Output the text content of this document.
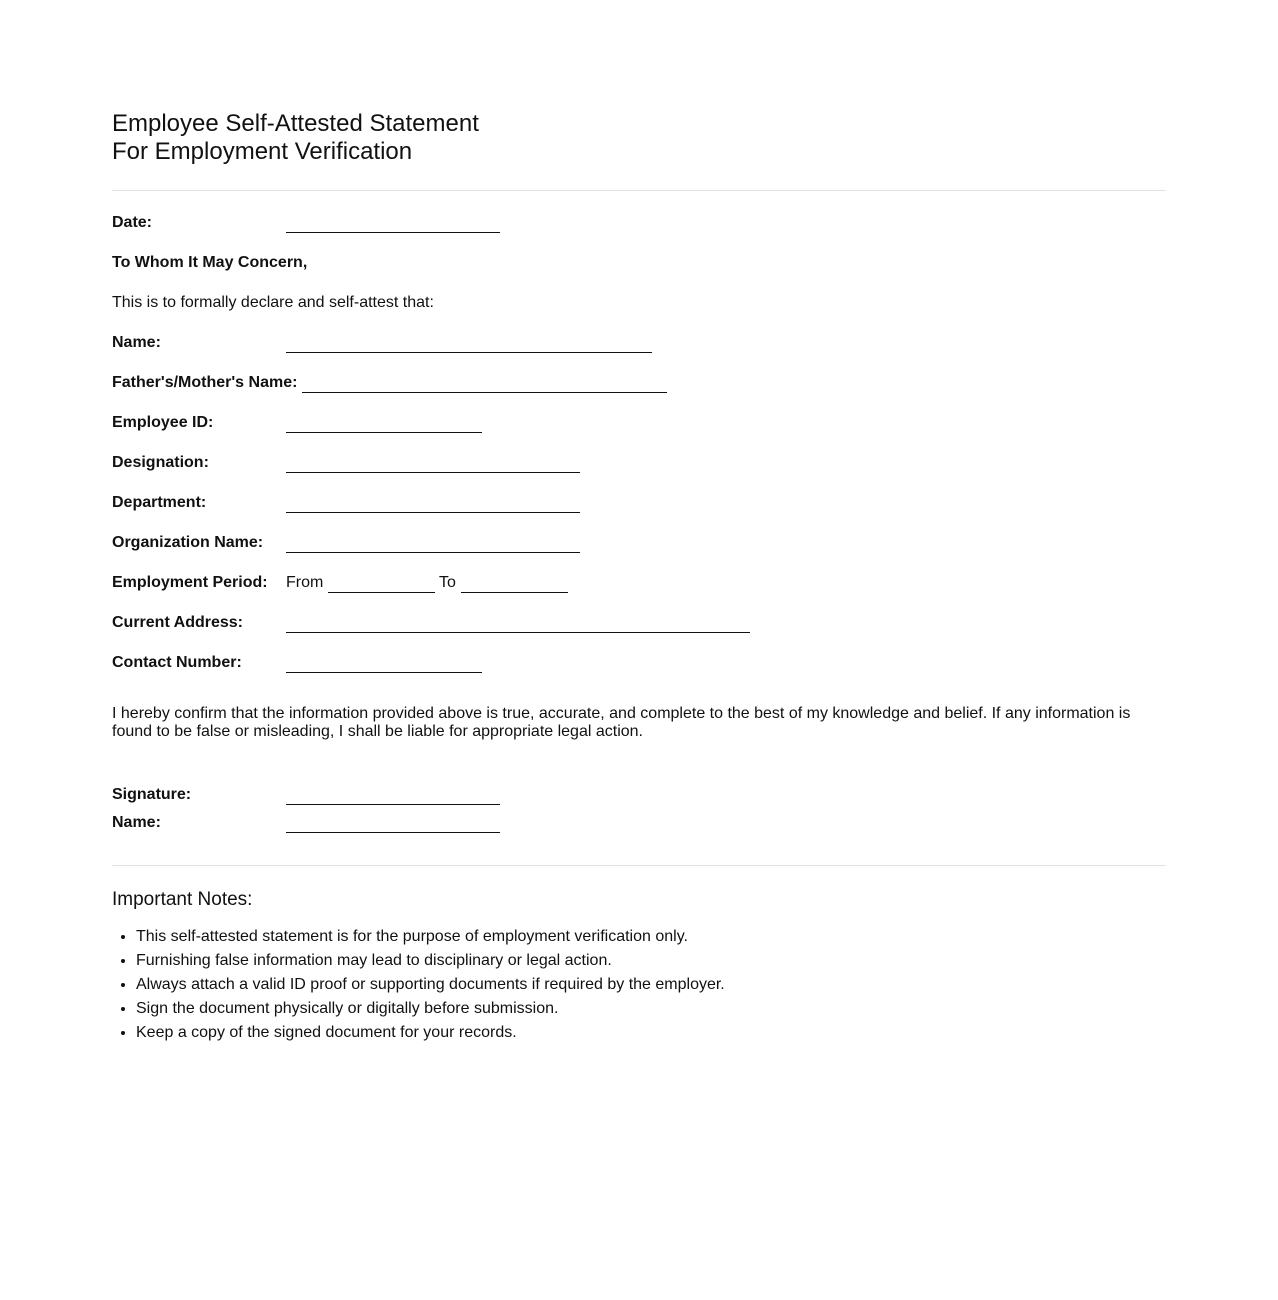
Employee Self-Attested Statement
For Employment Verification
Date:
To Whom It May Concern,
This is to formally declare and self-attest that:
Name:
Father's/Mother's Name:
Employee ID:
Designation:
Department:
Organization Name:
Employment Period: From	To
Current Address:
Contact Number:
I hereby confirm that the information provided above is true, accurate, and complete to the best of my knowledge and belief. If any information is found to be false or misleading, I shall be liable for appropriate legal action.
Signature:
Name:
Important Notes:
• This self-attested statement is for the purpose of employment verification only.
• Furnishing false information may lead to disciplinary or legal action.
• Always attach a valid ID proof or supporting documents if required by the employer.
• Sign the document physically or digitally before submission.
• Keep a copy of the signed document for your records.
